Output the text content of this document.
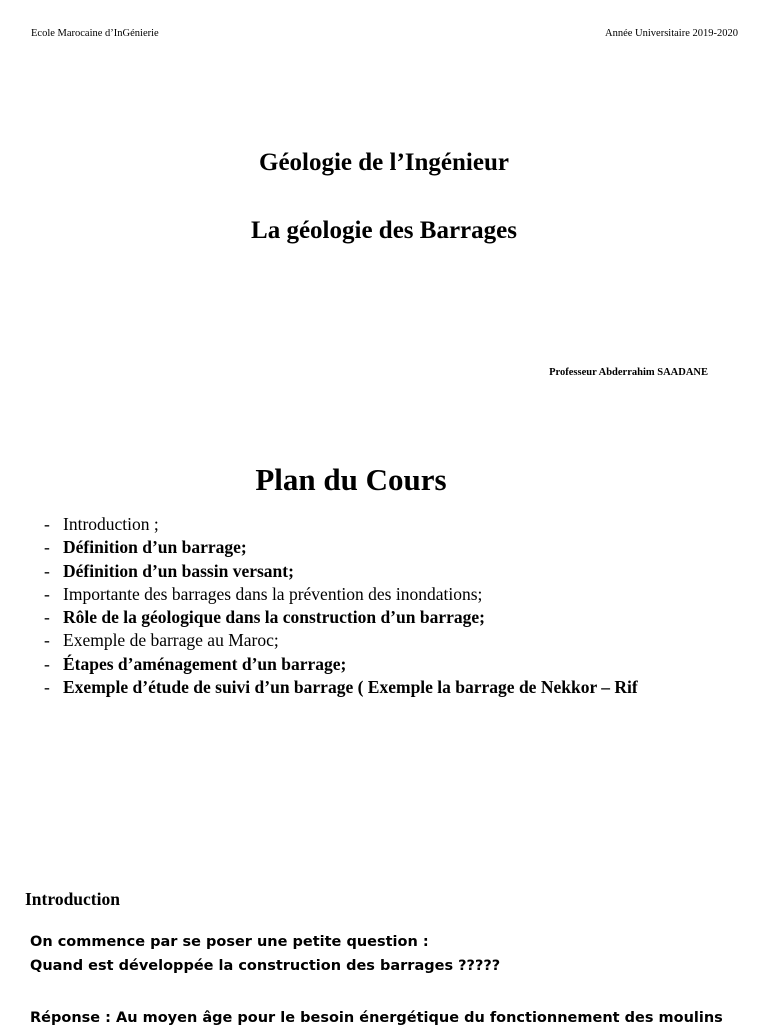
Ecole Marocaine d’InGénierie	Année Universitaire 2019-2020
Géologie de l’Ingénieur
La géologie des Barrages
Professeur Abderrahim SAADANE
Plan du Cours
- Introduction ;
- Définition d’un barrage;
- Définition d’un bassin versant;
- Importante des barrages dans la prévention des inondations;
- Rôle de la géologique dans la construction d’un barrage;
- Exemple de barrage au Maroc;
- Étapes d’aménagement d’un barrage;
- Exemple d’étude de suivi d’un barrage ( Exemple la barrage de Nekkor – Rif
Introduction
On commence par se poser une petite question :
Quand est développée la construction des barrages ?????
Réponse : Au moyen âge pour le besoin énergétique du fonctionnement des moulins
